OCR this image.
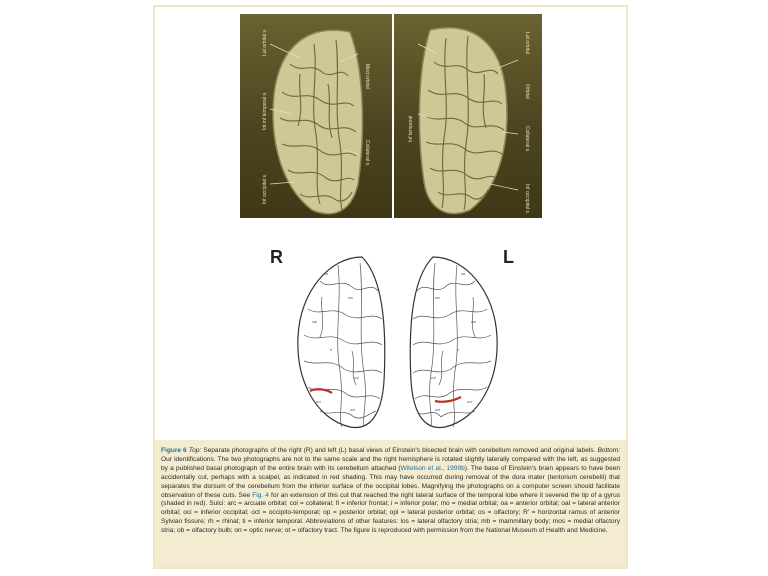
Lat orbital s.
Med orbital
Int inf temporal s.
Collateral s.
Inf occipital s.
Lat orbital
Orbital
Inf temporal	Collateral s.
Inf occipital s.
R	L
oa
mo
oal
ti
col
oci
oct
oa
mo
oal
ti
col
oci
oct
Figure 6 Top: Separate photographs of the right (R) and left (L) basal views of Einstein's bisected brain with cerebellum removed and original labels. Bottom: Our identifications. The two photographs are not to the same scale and the right hemisphere is rotated slightly laterally compared with the left, as suggested by a published basal photograph of the entire brain with its cerebellum attached (Witelson et al., 1999b). The base of Einstein's brain appears to have been accidentally cut, perhaps with a scalpel, as indicated in red shading. This may have occurred during removal of the dura mater (tentorium cerebelli) that separates the dorsum of the cerebellum from the inferior surface of the occipital lobes. Magnifying the photographs on a computer screen should facilitate observation of these cuts. See Fig. 4 for an extension of this cut that reached the right lateral surface of the temporal lobe where it severed the tip of a gyrus (shaded in red). Sulci: arc = arcuate orbital; col = collateral; fi = inferior frontal; i = inferior polar; mo = medial orbital; oa = anterior orbital; oal = lateral anterior orbital; oci = inferior occipital; oct = occipito-temporal; op = posterior orbital; opl = lateral posterior orbital; os = olfactory; R' = horizontal ramus of anterior Sylvian fissure; rh = rhinal; ti = inferior temporal. Abbreviations of other features: los = lateral olfactory stria; mb = mammillary body; mos = medial olfactory stria; ob = olfactory bulb; on = optic nerve; ot = olfactory tract. The figure is reproduced with permission from the National Museum of Health and Medicine.
